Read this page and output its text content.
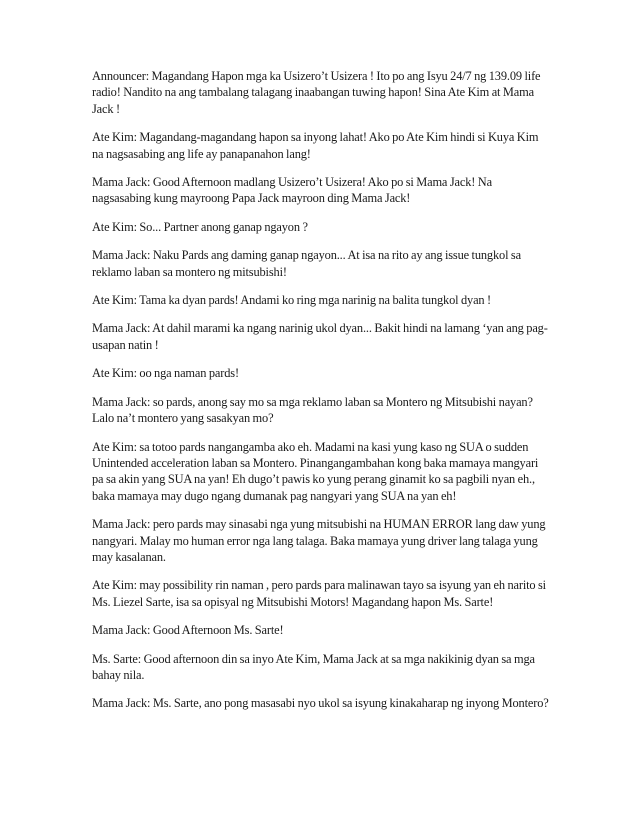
Announcer: Magandang Hapon mga ka Usizero’t Usizera ! Ito po ang Isyu 24/7 ng 139.09 life radio! Nandito na ang tambalang talagang inaabangan tuwing hapon! Sina Ate Kim at Mama Jack !

Ate Kim: Magandang-magandang hapon sa inyong lahat! Ako po Ate Kim hindi si Kuya Kim na nagsasabing ang life ay panapanahon lang!

Mama Jack: Good Afternoon madlang Usizero’t Usizera! Ako po si Mama Jack! Na nagsasabing kung mayroong Papa Jack mayroon ding Mama Jack!

Ate Kim: So... Partner anong ganap ngayon ?

Mama Jack: Naku Pards ang daming ganap ngayon... At isa na rito ay ang issue tungkol sa reklamo laban sa montero ng mitsubishi!

Ate Kim: Tama ka dyan pards! Andami ko ring mga narinig na balita tungkol dyan !

Mama Jack: At dahil marami ka ngang narinig ukol dyan... Bakit hindi na lamang ‘yan ang pag-usapan natin !

Ate Kim: oo nga naman pards!

Mama Jack: so pards, anong say mo sa mga reklamo laban sa Montero ng Mitsubishi nayan? Lalo na’t montero yang sasakyan mo?

Ate Kim: sa totoo pards nangangamba ako eh. Madami na kasi yung kaso ng SUA o sudden Unintended acceleration laban sa Montero. Pinangangambahan kong baka mamaya mangyari pa sa akin yang SUA na yan! Eh dugo’t pawis ko yung perang ginamit ko sa pagbili nyan eh., baka mamaya may dugo ngang dumanak pag nangyari yang SUA na yan eh!

Mama Jack: pero pards may sinasabi nga yung mitsubishi na HUMAN ERROR lang daw yung nangyari. Malay mo human error nga lang talaga. Baka mamaya yung driver lang talaga yung may kasalanan.

Ate Kim: may possibility rin naman , pero pards para malinawan tayo sa isyung yan eh narito si Ms. Liezel Sarte, isa sa opisyal ng Mitsubishi Motors! Magandang hapon Ms. Sarte!

Mama Jack: Good Afternoon Ms. Sarte!

Ms. Sarte: Good afternoon din sa inyo Ate Kim, Mama Jack at sa mga nakikinig dyan sa mga bahay nila.

Mama Jack: Ms. Sarte, ano pong masasabi nyo ukol sa isyung kinakaharap ng inyong Montero?
